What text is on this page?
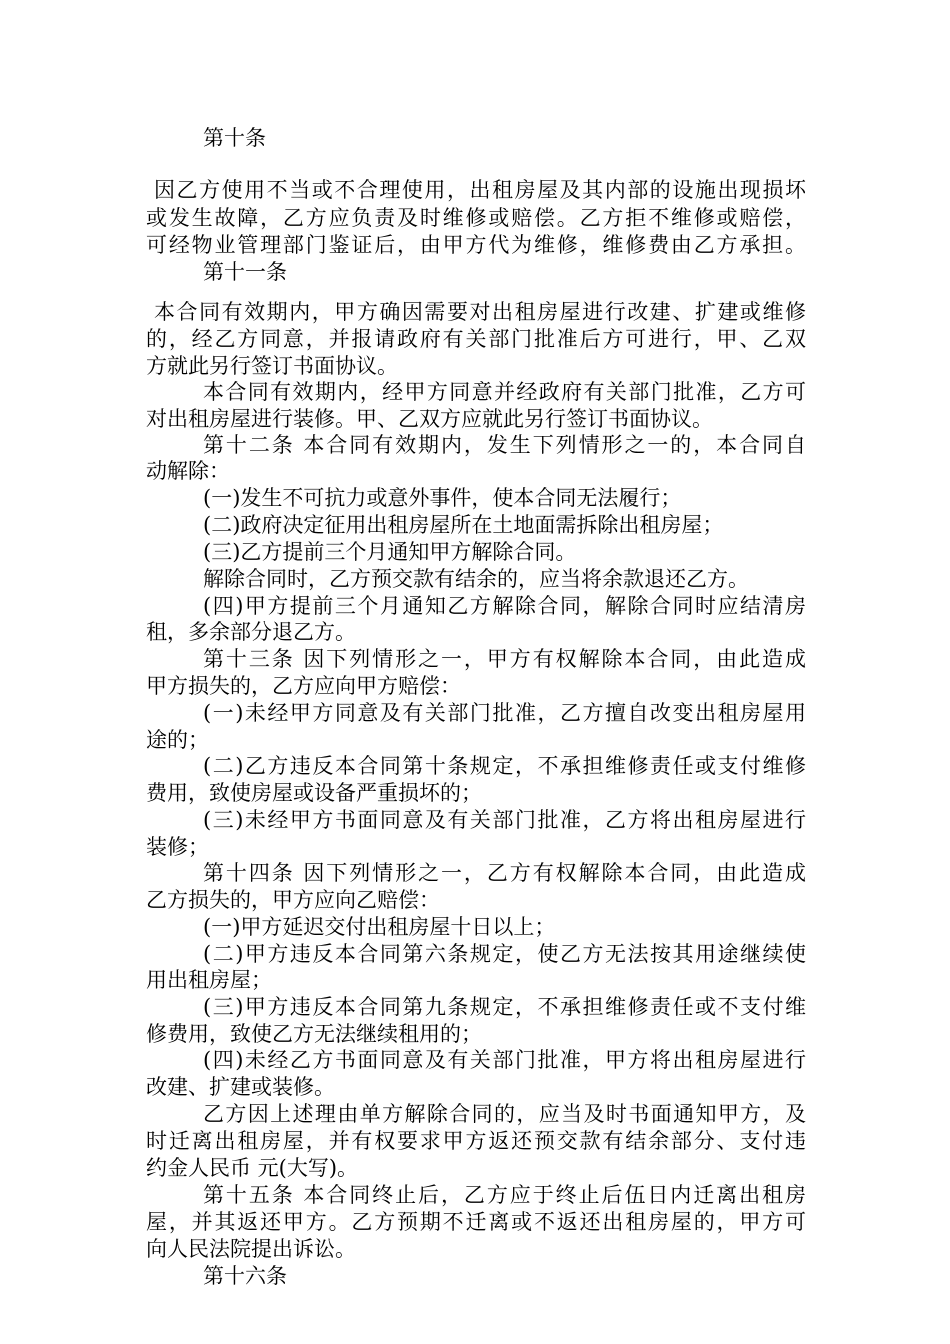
第十条
因乙方使用不当或不合理使用，出租房屋及其内部的设施出现损坏
或发生故障，乙方应负责及时维修或赔偿。乙方拒不维修或赔偿，
可经物业管理部门鉴证后，由甲方代为维修，维修费由乙方承担。
第十一条
本合同有效期内，甲方确因需要对出租房屋进行改建、扩建或维修
的，经乙方同意，并报请政府有关部门批准后方可进行，甲、乙双
方就此另行签订书面协议。
本合同有效期内，经甲方同意并经政府有关部门批准，乙方可
对出租房屋进行装修。甲、乙双方应就此另行签订书面协议。
第十二条 本合同有效期内，发生下列情形之一的，本合同自
动解除：
(一)发生不可抗力或意外事件，使本合同无法履行；
(二)政府决定征用出租房屋所在土地面需拆除出租房屋；
(三)乙方提前三个月通知甲方解除合同。
解除合同时，乙方预交款有结余的，应当将余款退还乙方。
(四)甲方提前三个月通知乙方解除合同，解除合同时应结清房
租，多余部分退乙方。
第十三条 因下列情形之一，甲方有权解除本合同，由此造成
甲方损失的，乙方应向甲方赔偿：
(一)未经甲方同意及有关部门批准，乙方擅自改变出租房屋用
途的；
(二)乙方违反本合同第十条规定，不承担维修责任或支付维修
费用，致使房屋或设备严重损坏的；
(三)未经甲方书面同意及有关部门批准，乙方将出租房屋进行
装修；
第十四条 因下列情形之一，乙方有权解除本合同，由此造成
乙方损失的，甲方应向乙赔偿：
(一)甲方延迟交付出租房屋十日以上；
(二)甲方违反本合同第六条规定，使乙方无法按其用途继续使
用出租房屋；
(三)甲方违反本合同第九条规定，不承担维修责任或不支付维
修费用，致使乙方无法继续租用的；
(四)未经乙方书面同意及有关部门批准，甲方将出租房屋进行
改建、扩建或装修。
乙方因上述理由单方解除合同的，应当及时书面通知甲方，及
时迁离出租房屋，并有权要求甲方返还预交款有结余部分、支付违
约金人民币 元(大写)。
第十五条 本合同终止后，乙方应于终止后伍日内迁离出租房
屋，并其返还甲方。乙方预期不迁离或不返还出租房屋的，甲方可
向人民法院提出诉讼。
第十六条
